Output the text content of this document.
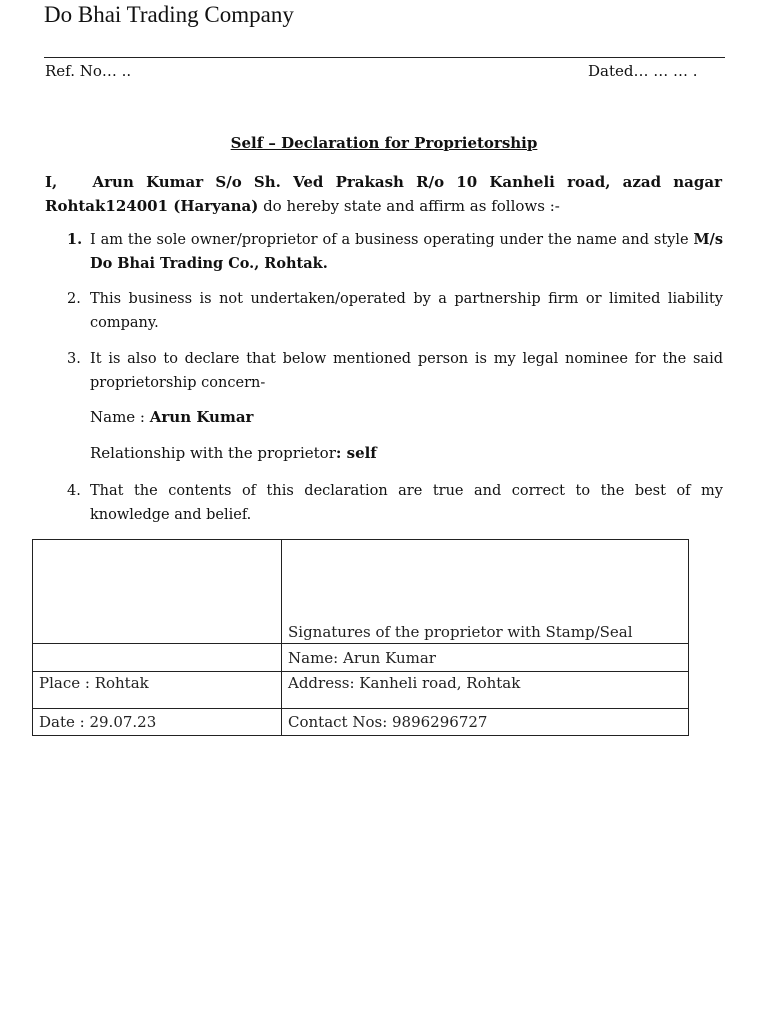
Do Bhai Trading Company
Ref. No… ..	Dated… … … .
Self – Declaration for Proprietorship

I, Arun Kumar S/o Sh. Ved Prakash R/o 10 Kanheli road, azad nagar Rohtak124001 (Haryana) do hereby state and affirm as follows :-

1. I am the sole owner/proprietor of a business operating under the name and style M/s Do Bhai Trading Co., Rohtak.

2. This business is not undertaken/operated by a partnership firm or limited liability company.

3. It is also to declare that below mentioned person is my legal nominee for the said proprietorship concern-

Name : Arun Kumar

Relationship with the proprietor: self

4. That the contents of this declaration are true and correct to the best of my knowledge and belief.

	Signatures of the proprietor with Stamp/Seal
	Name: Arun Kumar
Place : Rohtak	Address: Kanheli road, Rohtak
Date : 29.07.23	Contact Nos: 9896296727
